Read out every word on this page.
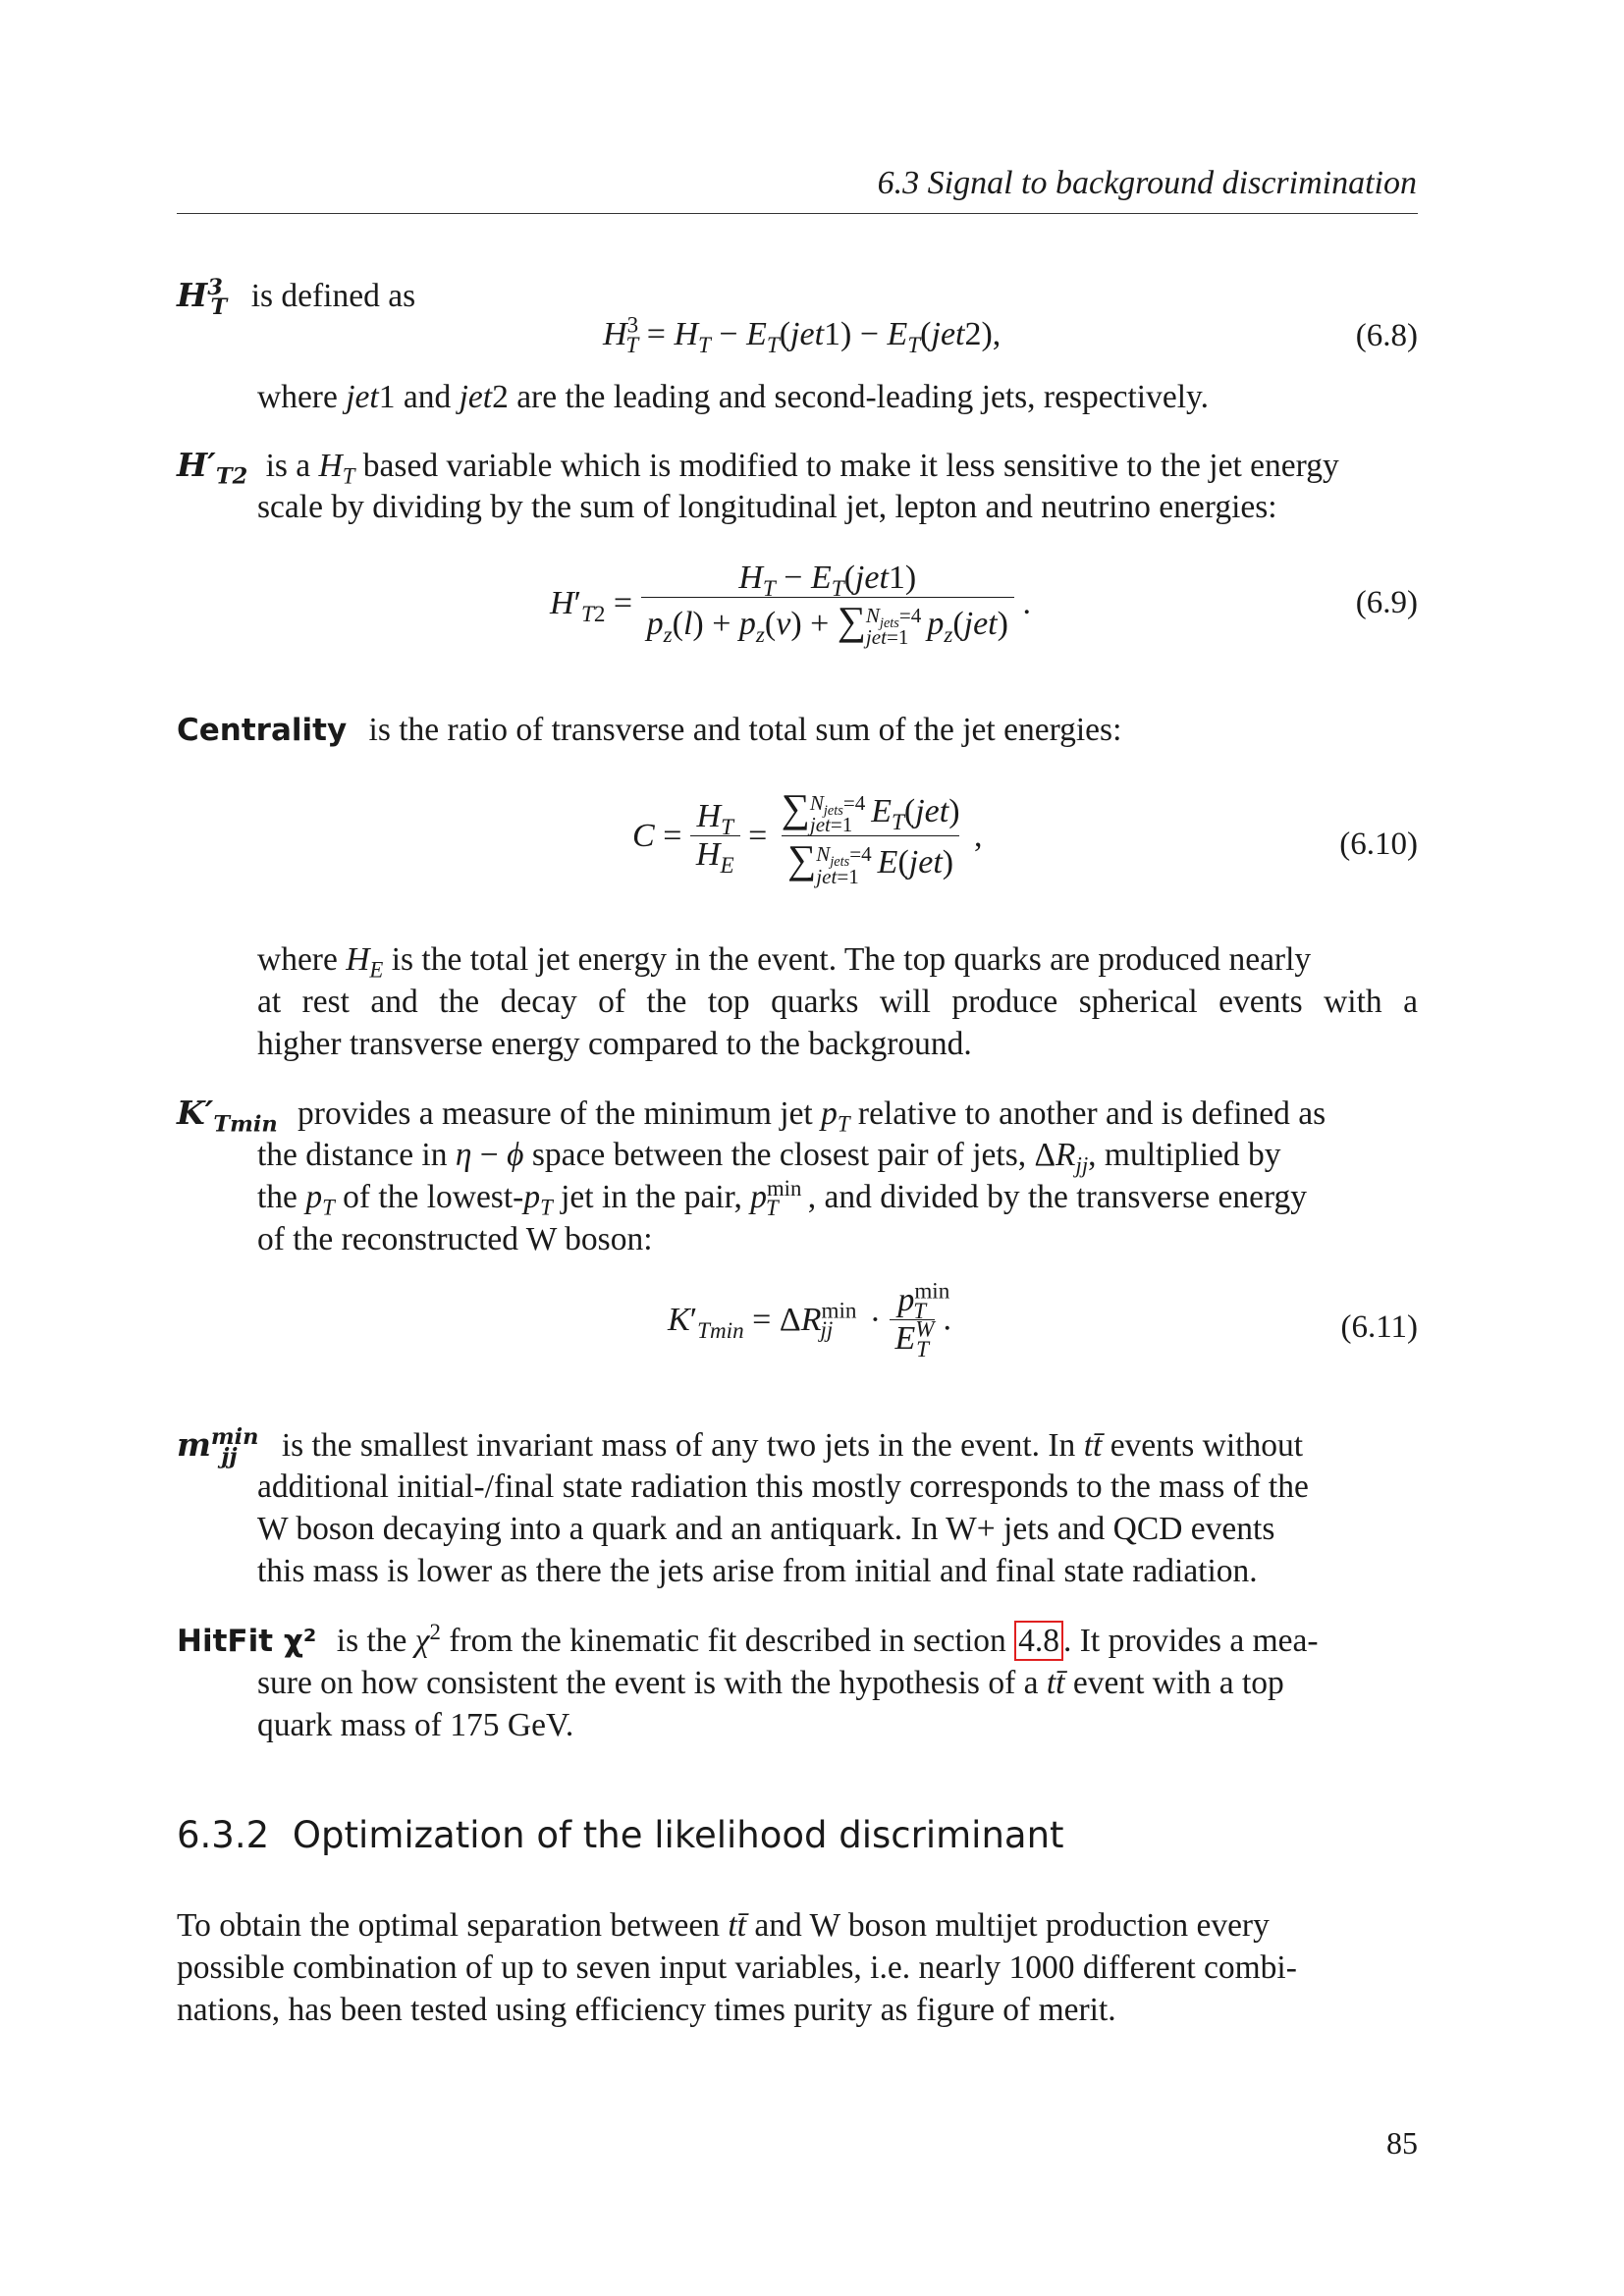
6.3 Signal to background discrimination
$H^3_T$ is defined as
$H^3_T = H_T - E_T(jet1) - E_T(jet2)$,	(6.8)
where jet1 and jet2 are the leading and second-leading jets, respectively.
$H'_{T2}$ is a $H_T$ based variable which is modified to make it less sensitive to the jet energy
scale by dividing by the sum of longitudinal jet, lepton and neutrino energies:
$H'_{T2} = H_T - E_T(jet1)$
$p_z(l) + p_z(\nu)$ + ∑ $N_{jets}=4$
jet=1 $p_z(jet)$ .	(6.9)
Centrality is the ratio of transverse and total sum of the jet energies:
$C = \frac{H_T}{H_E}$ = ∑ $N_{jets}=4$
jet=1 $E_T(jet)$
∑ $N_{jets}=4$
jet=1 E(jet) ,	(6.10)
where $H_E$ is the total jet energy in the event. The top quarks are produced nearly
at rest and the decay of the top quarks will produce spherical events with a
higher transverse energy compared to the background.
$K'_{Tmin}$ provides a measure of the minimum jet $p_T$ relative to another and is defined as
the distance in η − ϕ space between the closest pair of jets, $\Delta R_{jj}$, multiplied by
the $p_T$ of the lowest-$p_T$ jet in the pair, $p^{min}_T$ , and divided by the transverse energy
of the reconstructed W boson:
$K'_{Tmin} = \Delta R^{min}_{jj} \cdot \frac{p^{min}_T}{E^W_T}$ .	(6.11)
$m^{min}_{jj}$ is the smallest invariant mass of any two jets in the event. In tt̄ events without
additional initial-/final state radiation this mostly corresponds to the mass of the
W boson decaying into a quark and an antiquark. In W+ jets and QCD events
this mass is lower as there the jets arise from initial and final state radiation.
HitFit χ² is the $\chi^2$ from the kinematic fit described in section 4.8 . It provides a mea-
sure on how consistent the event is with the hypothesis of a tt̄ event with a top
quark mass of 175 GeV.
6.3.2 Optimization of the likelihood discriminant
To obtain the optimal separation between tt̄ and W boson multijet production every
possible combination of up to seven input variables, i.e. nearly 1000 different combi-
nations, has been tested using efficiency times purity as figure of merit.
85
